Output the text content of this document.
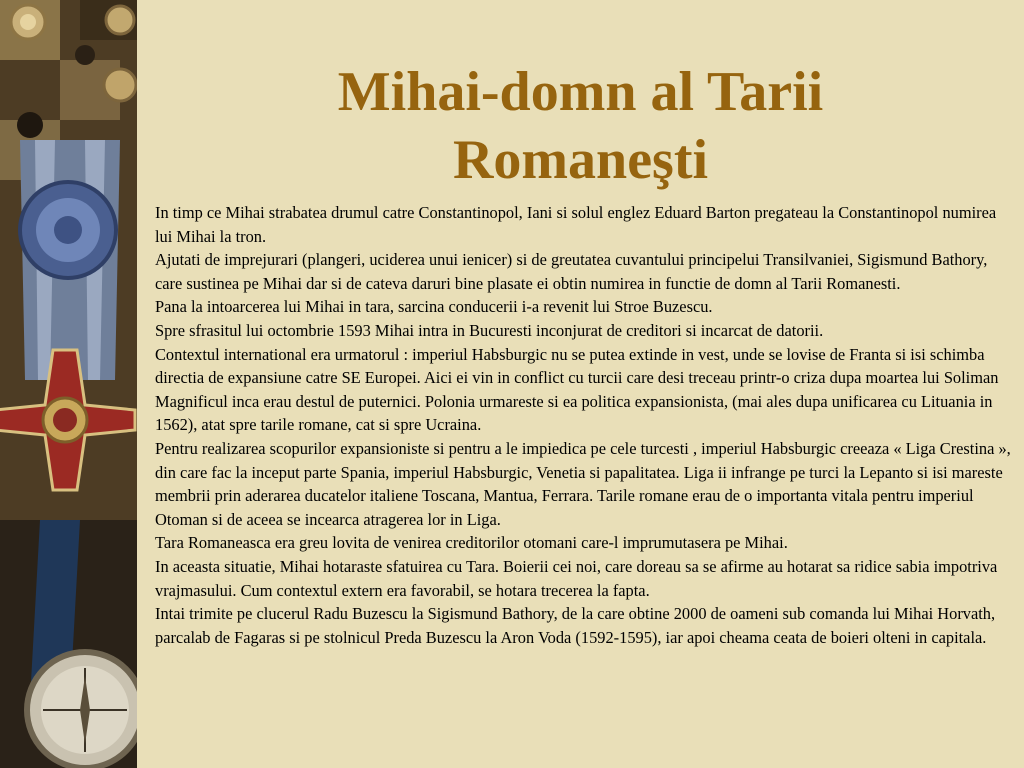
Mihai-domn al Tarii
Romaneşti

In timp ce Mihai strabatea drumul catre Constantinopol, Iani si solul englez Eduard Barton pregateau la Constantinopol numirea lui Mihai la tron.

Ajutati de imprejurari (plangeri, uciderea unui ienicer) si de greutatea cuvantului principelui Transilvaniei, Sigismund Bathory, care sustinea pe Mihai dar si de cateva daruri bine plasate ei obtin numirea in functie de domn al Tarii Romanesti.

Pana la intoarcerea lui Mihai in tara, sarcina conducerii i-a revenit lui Stroe Buzescu.

Spre sfrasitul lui octombrie 1593 Mihai intra in Bucuresti inconjurat de creditori si incarcat de datorii.

Contextul international era urmatorul : imperiul Habsburgic nu se putea extinde in vest, unde se lovise de Franta si isi schimba directia de expansiune catre SE Europei. Aici ei vin in conflict cu turcii care desi treceau printr-o criza dupa moartea lui Soliman Magnificul inca erau destul de puternici. Polonia urmareste si ea politica expansionista, (mai ales dupa unificarea cu Lituania in 1562), atat spre tarile romane, cat si spre Ucraina.

Pentru realizarea scopurilor expansioniste si pentru a le impiedica pe cele turcesti , imperiul Habsburgic creeaza « Liga Crestina », din care fac la inceput parte Spania, imperiul Habsburgic, Venetia si papalitatea. Liga ii infrange pe turci la Lepanto si isi mareste membrii prin aderarea ducatelor italiene Toscana, Mantua, Ferrara. Tarile romane erau de o importanta vitala pentru imperiul Otoman si de aceea se incearca atragerea lor in Liga.

Tara Romaneasca era greu lovita de venirea creditorilor otomani care-l imprumutasera pe Mihai.

In aceasta situatie, Mihai hotaraste sfatuirea cu Tara. Boierii cei noi, care doreau sa se afirme au hotarat sa ridice sabia impotriva vrajmasului. Cum contextul extern era favorabil, se hotara trecerea la fapta.

Intai trimite pe clucerul Radu Buzescu la Sigismund Bathory, de la care obtine 2000 de oameni sub comanda lui Mihai Horvath, parcalab de Fagaras si pe stolnicul Preda Buzescu la Aron Voda (1592-1595), iar apoi cheama ceata de boieri olteni in capitala.
